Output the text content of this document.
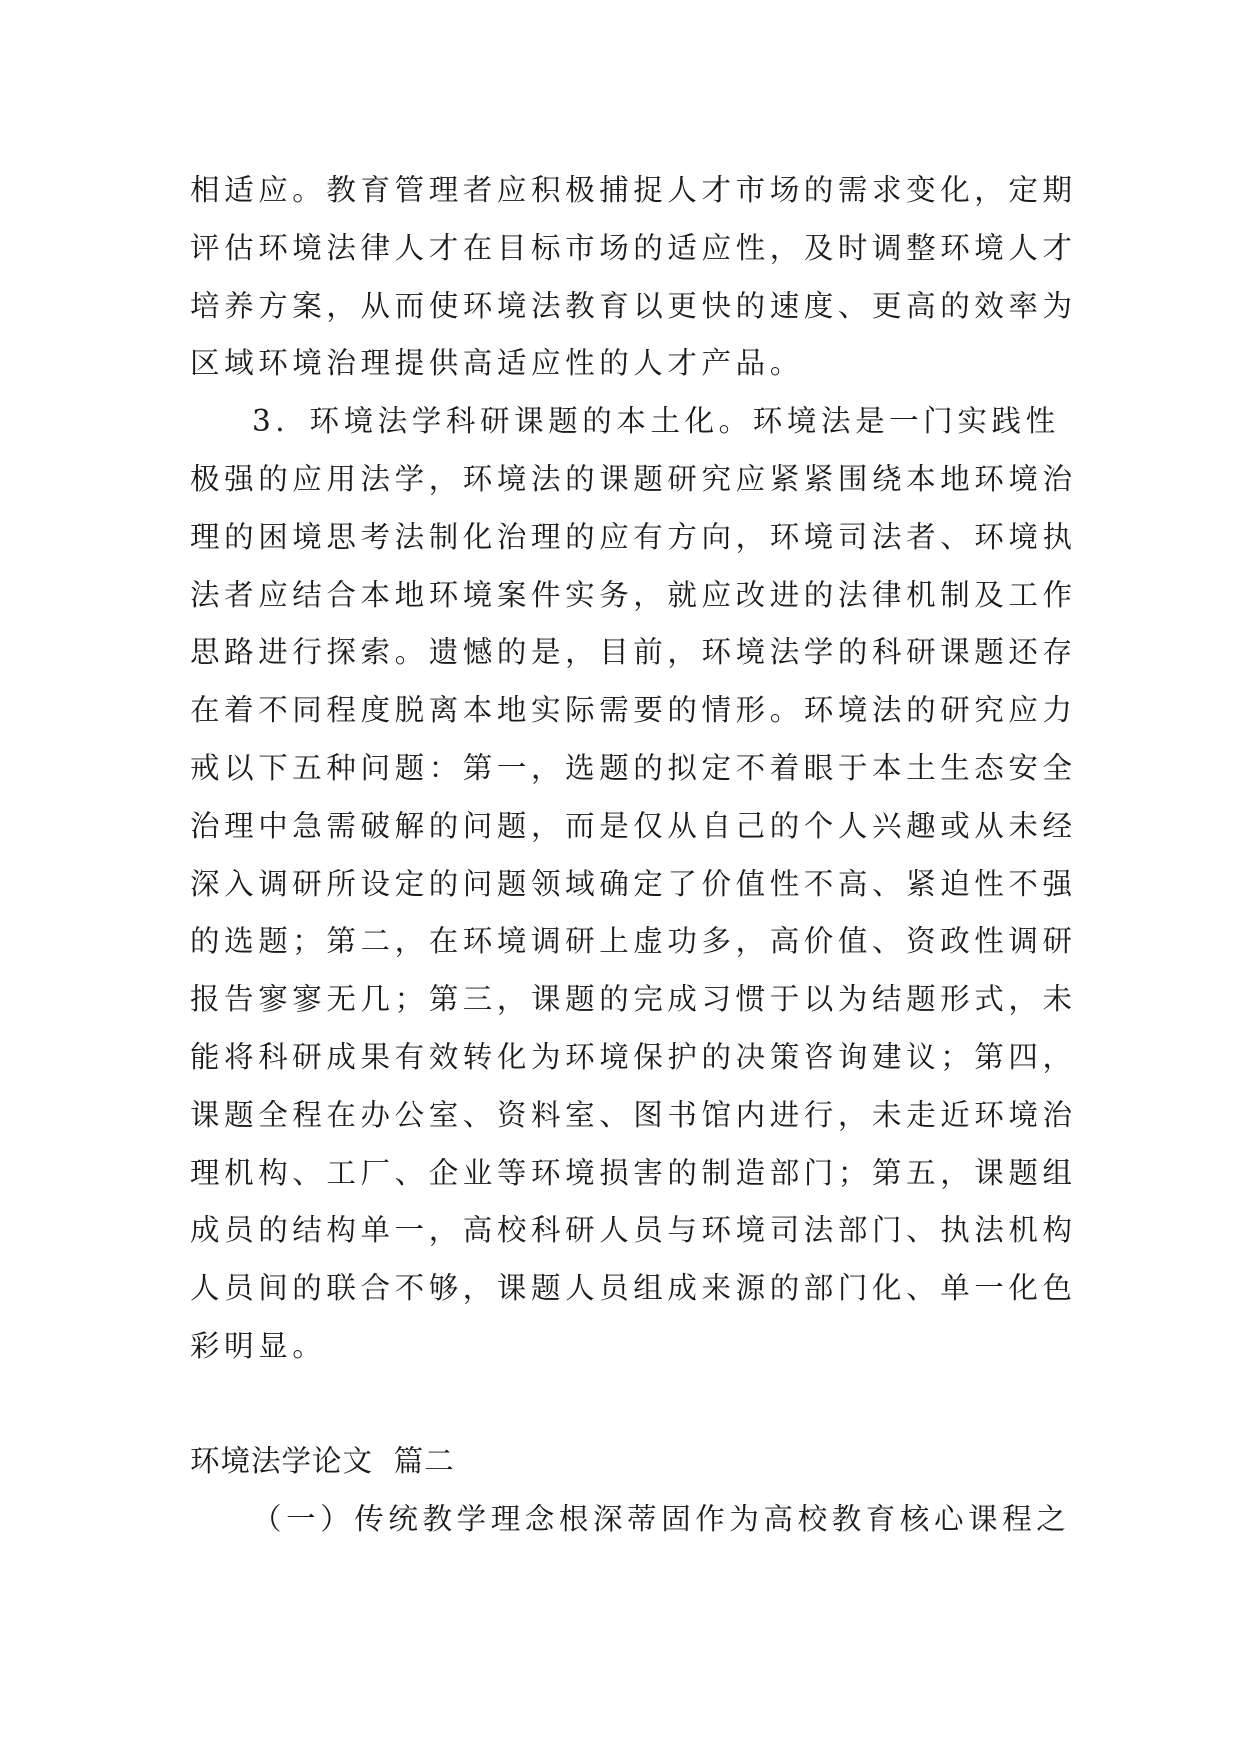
相适应。教育管理者应积极捕捉人才市场的需求变化，定期
评估环境法律人才在目标市场的适应性，及时调整环境人才
培养方案，从而使环境法教育以更快的速度、更高的效率为
区域环境治理提供高适应性的人才产品。
3．环境法学科研课题的本土化。环境法是一门实践性
极强的应用法学，环境法的课题研究应紧紧围绕本地环境治
理的困境思考法制化治理的应有方向，环境司法者、环境执
法者应结合本地环境案件实务，就应改进的法律机制及工作
思路进行探索。遗憾的是，目前，环境法学的科研课题还存
在着不同程度脱离本地实际需要的情形。环境法的研究应力
戒以下五种问题：第一，选题的拟定不着眼于本土生态安全
治理中急需破解的问题，而是仅从自己的个人兴趣或从未经
深入调研所设定的问题领域确定了价值性不高、紧迫性不强
的选题；第二，在环境调研上虚功多，高价值、资政性调研
报告寥寥无几；第三，课题的完成习惯于以为结题形式，未
能将科研成果有效转化为环境保护的决策咨询建议；第四，
课题全程在办公室、资料室、图书馆内进行，未走近环境治
理机构、工厂、企业等环境损害的制造部门；第五，课题组
成员的结构单一，高校科研人员与环境司法部门、执法机构
人员间的联合不够，课题人员组成来源的部门化、单一化色
彩明显。
环境法学论文  篇二
（一）传统教学理念根深蒂固作为高校教育核心课程之
